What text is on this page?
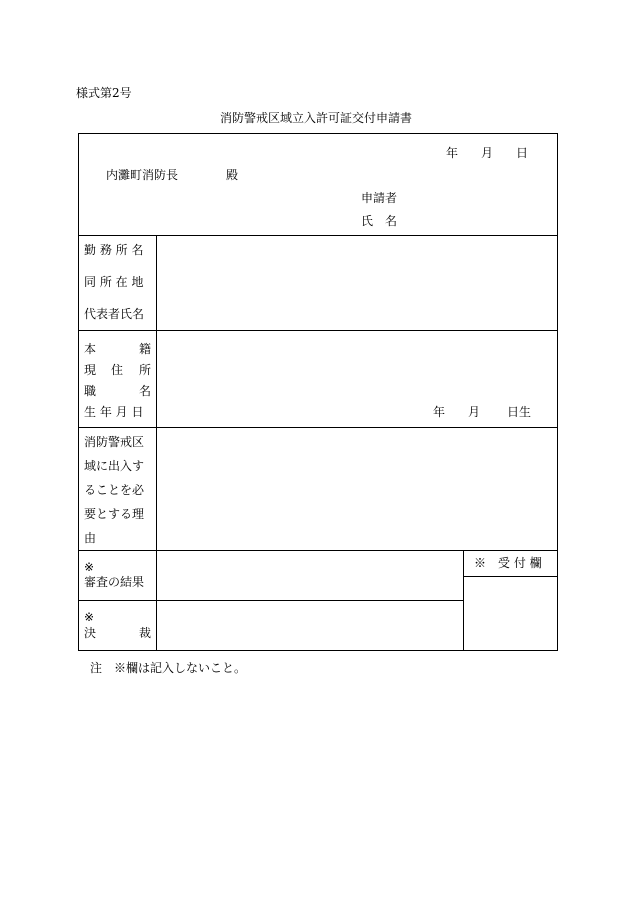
様式第2号
消防警戒区域立入許可証交付申請書
年 月 日
内灘町消防長	殿
申請者
氏　名
勤 務 所 名
同 所 在 地
代表者氏名
本	籍
現 住 所
職	名
生 年 月 日	年 月 日生
消防警戒区
域に出入す
ることを必
要とする理
由
※
審査の結果
※
決	裁
※　受 付 欄
注　※欄は記入しないこと。
